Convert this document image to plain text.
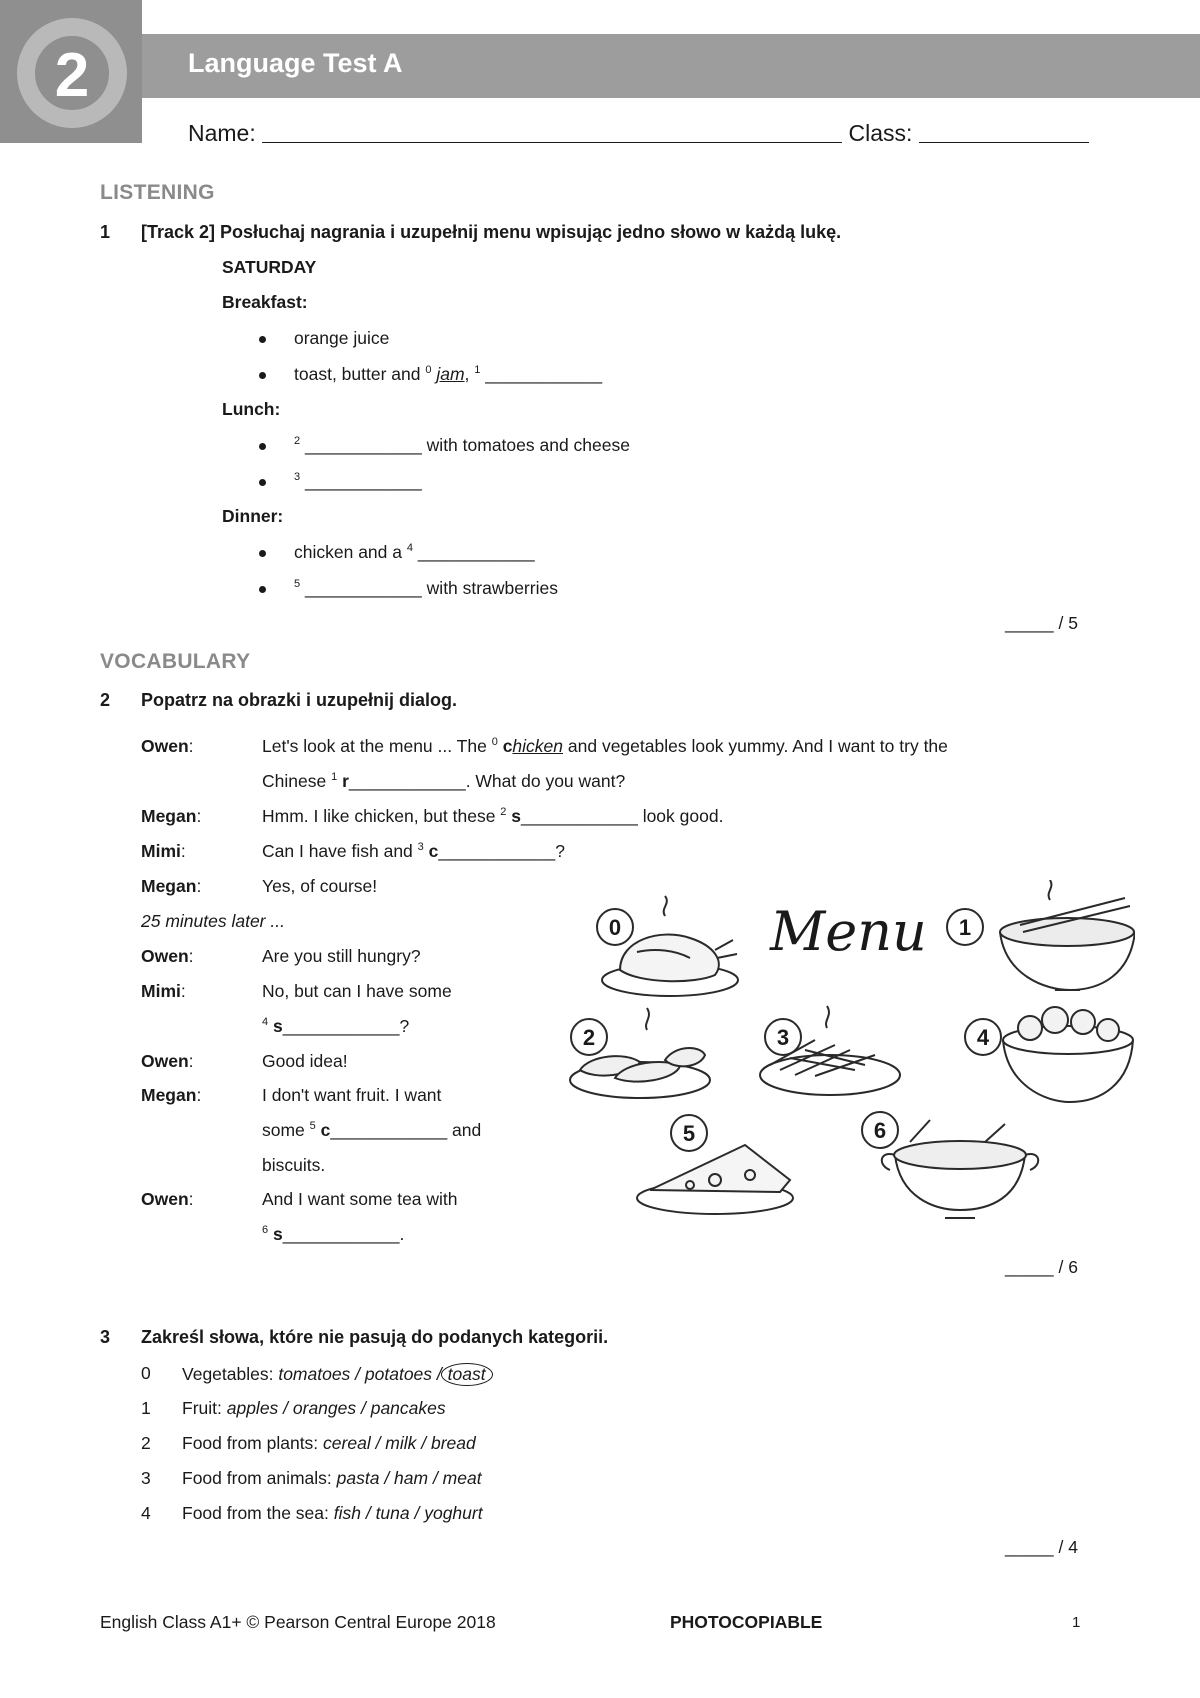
2	Language Test A
Name:	Class:
LISTENING
1 [Track 2] Posłuchaj nagrania i uzupełnij menu wpisując jedno słowo w każdą lukę.
SATURDAY
Breakfast:
orange juice
toast, butter and $^0$ jam, $^1$ ____________
Lunch:
$^2$ ____________ with tomatoes and cheese
$^3$ ____________
Dinner:
chicken and a $^4$ ____________
$^5$ ____________ with strawberries
_____ / 5
VOCABULARY
2 Popatrz na obrazki i uzupełnij dialog.
Owen:	Let's look at the menu ... The $^0$ chicken and vegetables look yummy. And I want to try the
Chinese $^1$ r____________. What do you want?
Megan:	Hmm. I like chicken, but these $^2$ s____________ look good.
Mimi:	Can I have fish and $^3$ c____________?
Megan:	Yes, of course!
25 minutes later ...
Owen:	Are you still hungry?
Mimi:	No, but can I have some
$^4$ s____________?
Owen:	Good idea!
Megan:	I don't want fruit. I want
some $^5$ c____________ and
biscuits.
Owen:	And I want some tea with
$^6$ s____________.
Menu
0	1
2	3	4
5	6
_____ / 6
3 Zakreśl słowa, które nie pasują do podanych kategorii.
0 Vegetables: tomatoes / potatoes / toast
1 Fruit: apples / oranges / pancakes
2 Food from plants: cereal / milk / bread
3 Food from animals: pasta / ham / meat
4 Food from the sea: fish / tuna / yoghurt
_____ / 4
English Class A1+ © Pearson Central Europe 2018	PHOTOCOPIABLE	1
